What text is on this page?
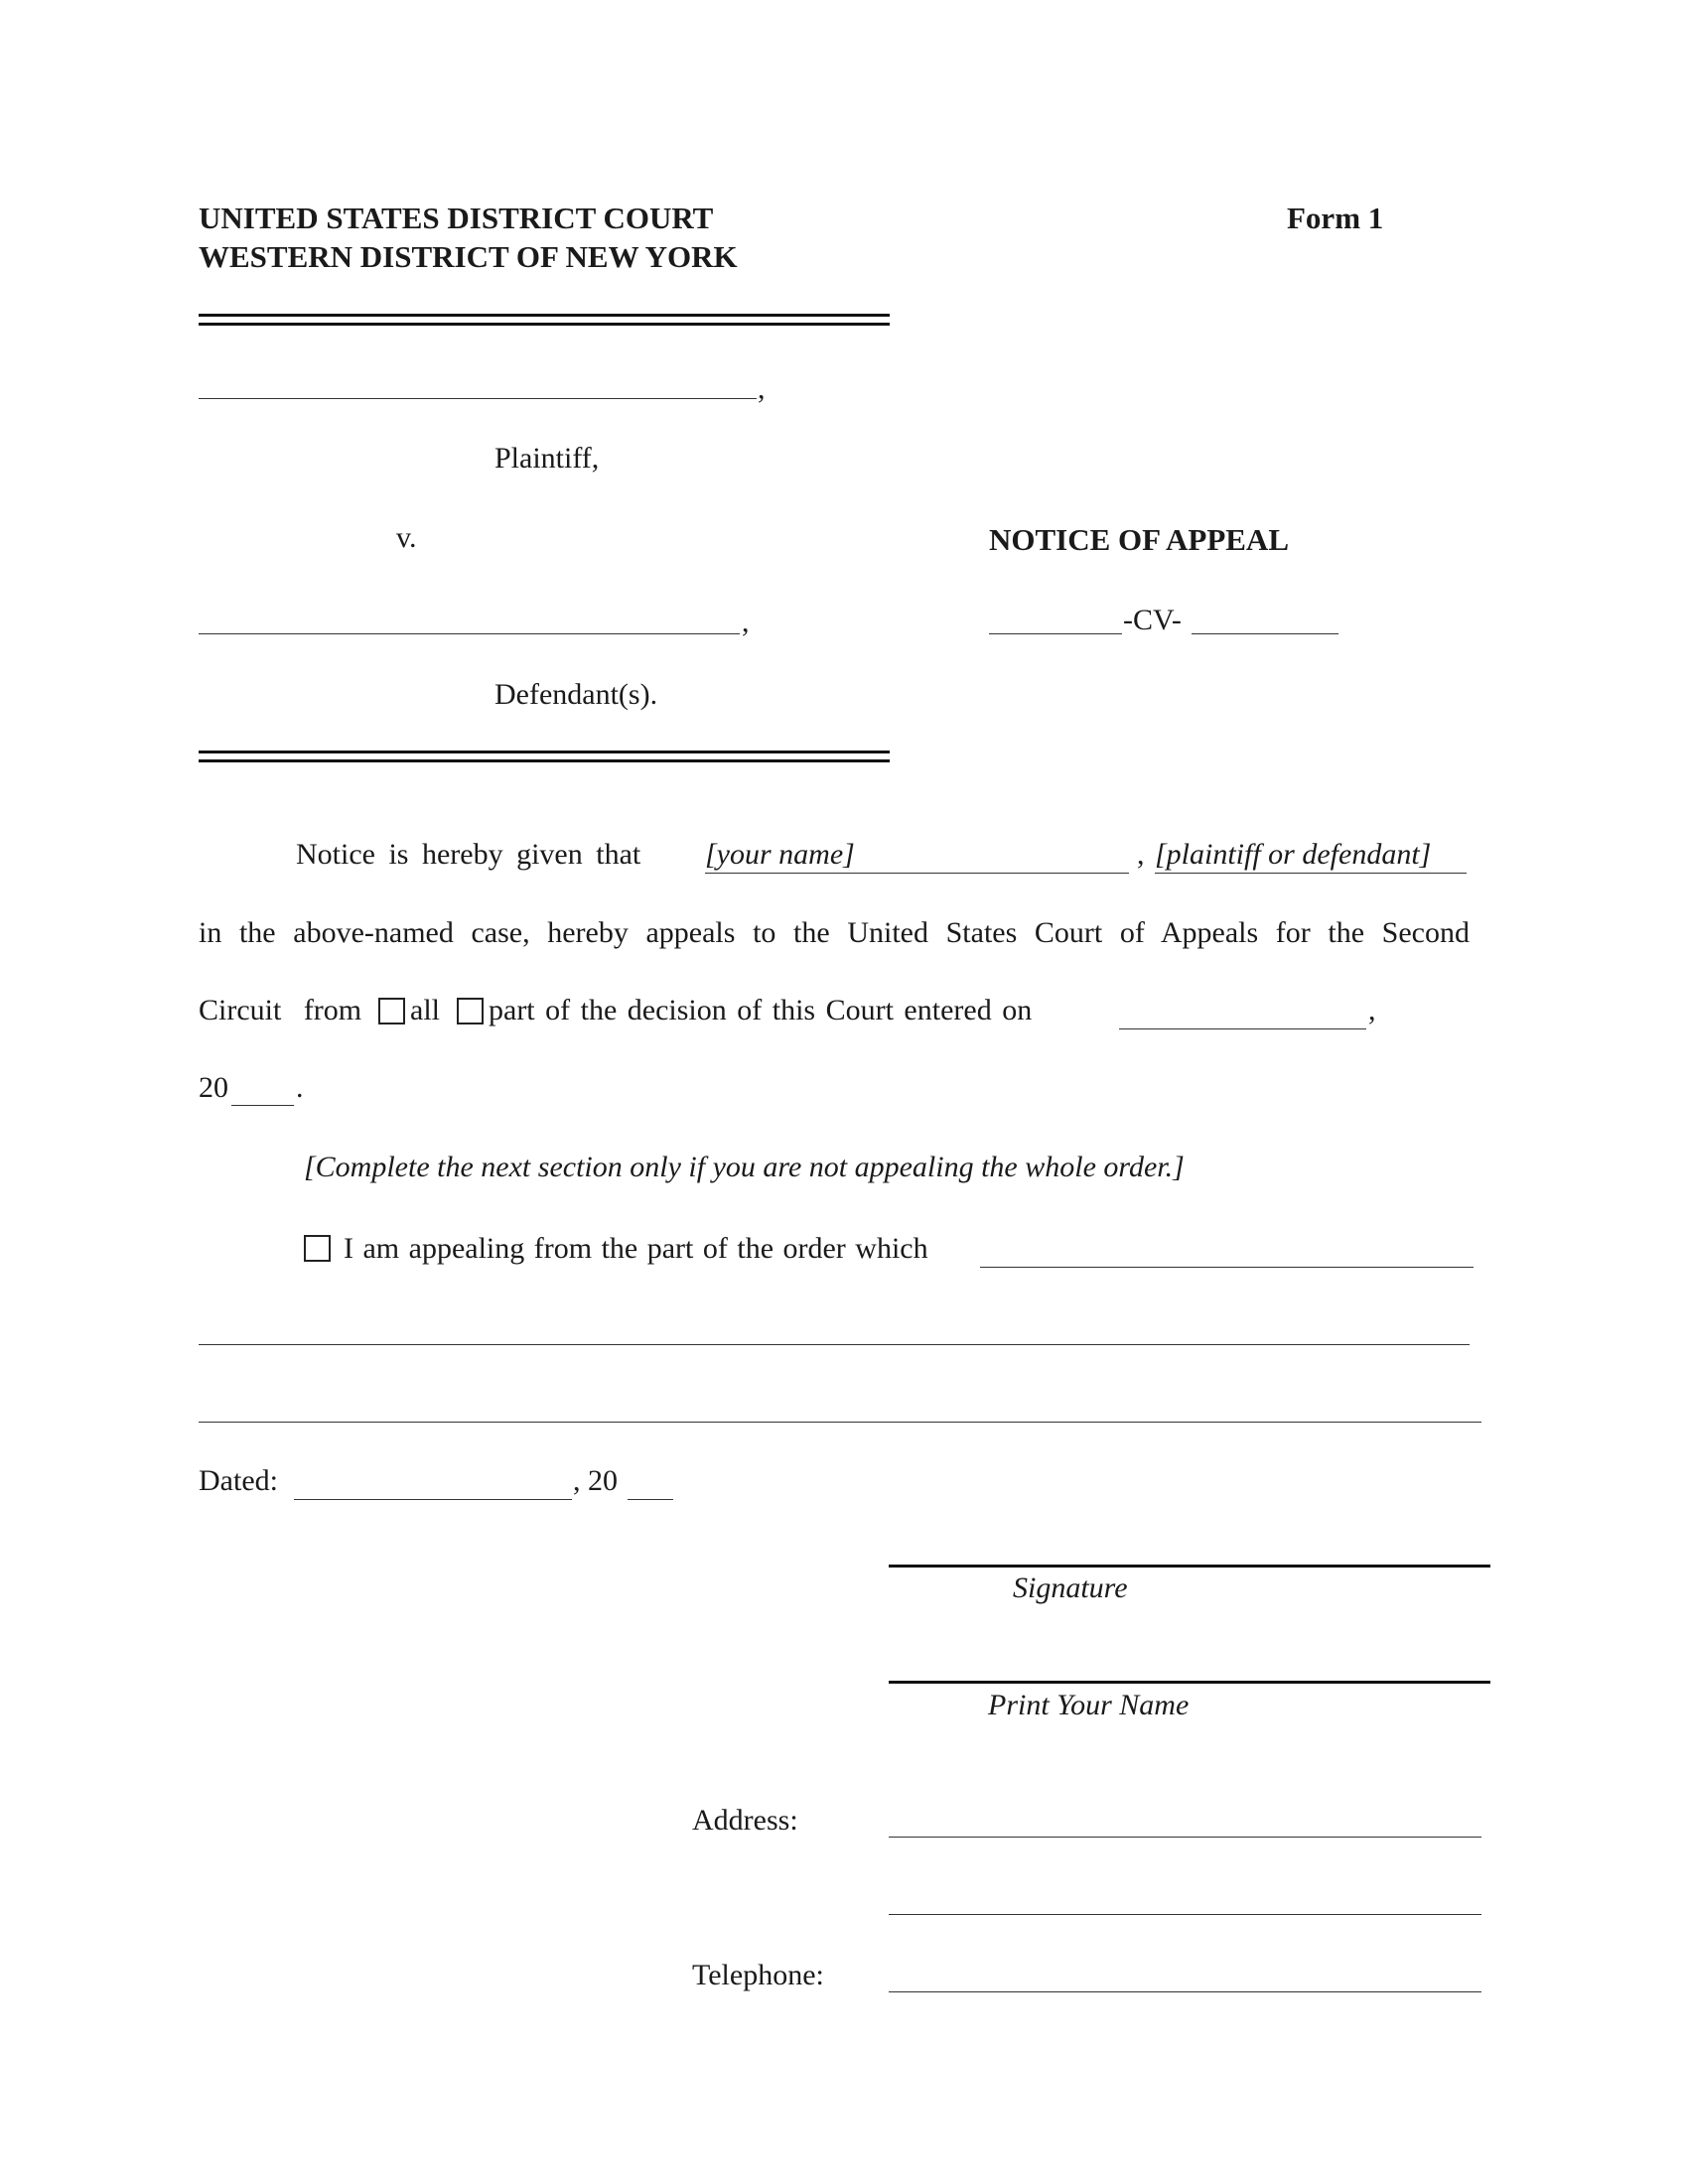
UNITED STATES DISTRICT COURT
WESTERN DISTRICT OF NEW YORK
Form 1
,
Plaintiff,
v.	NOTICE OF APPEAL
,	-CV-
Defendant(s).
Notice is hereby given that [your name]	, [plaintiff or defendant]
in the above-named case, hereby appeals to the United States Court of Appeals for the Second
Circuit   from all part of the decision of this Court entered on	,
20 .
[Complete the next section only if you are not appealing the whole order.]
I am appealing from the part of the order which
Dated:	, 20
Signature
Print Your Name
Address:
Telephone:
